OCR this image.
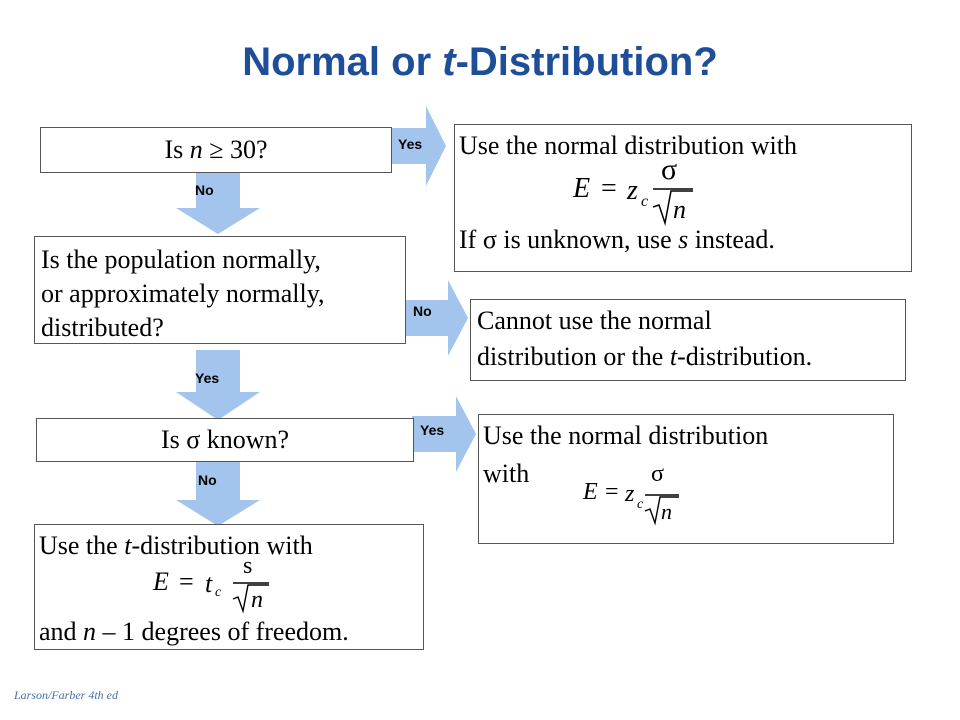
Normal or t-Distribution?
Yes
No
No
Yes
Yes
No
Is n ≥ 30?
Is the population normally,
or approximately normally,
distributed?
Is σ known?
Use the normal distribution with
E = z c
σ
n
If σ is unknown, use s instead.
Cannot use the normal
distribution or the t-distribution.
Use the normal distribution
with
E = z c
σ
n
Use the t-distribution with
E = t c
s
n
and n – 1 degrees of freedom.
Larson/Farber 4th ed
